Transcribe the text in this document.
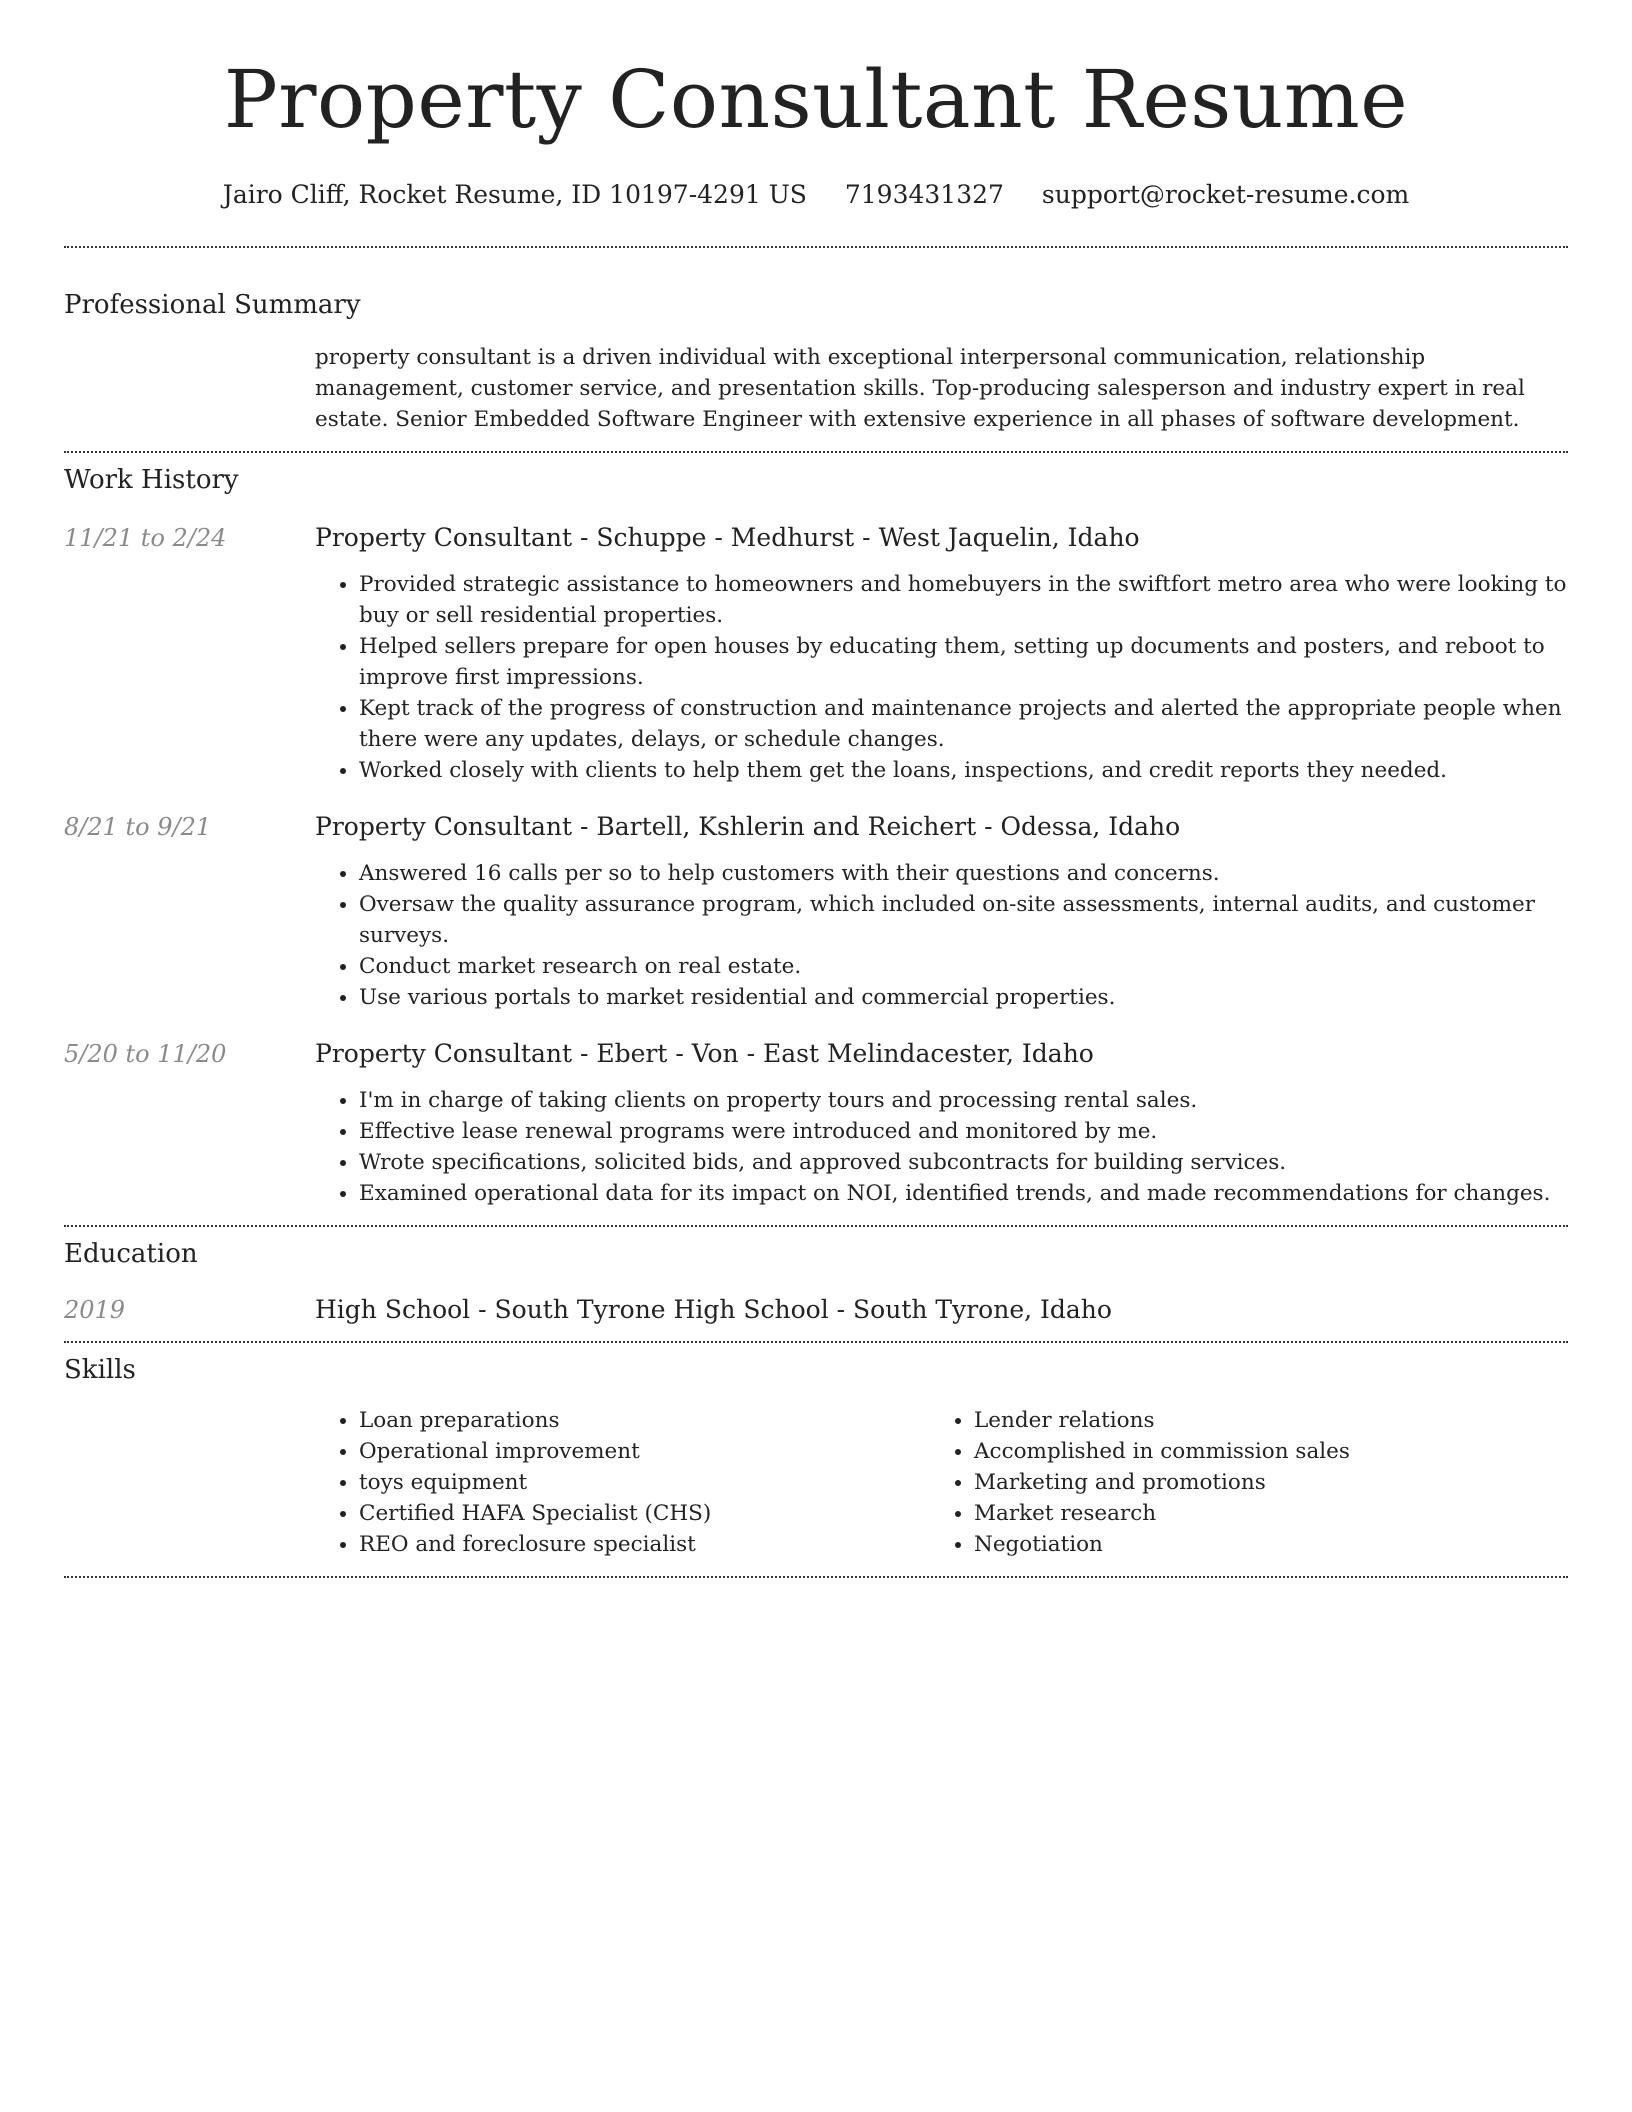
Property Consultant Resume
Jairo Cliff, Rocket Resume, ID 10197-4291 US 7193431327 support@rocket-resume.com
Professional Summary
property consultant is a driven individual with exceptional interpersonal communication, relationship management, customer service, and presentation skills. Top-producing salesperson and industry expert in real estate. Senior Embedded Software Engineer with extensive experience in all phases of software development.
Work History
11/21 to 2/24	Property Consultant - Schuppe - Medhurst - West Jaquelin, Idaho
• Provided strategic assistance to homeowners and homebuyers in the swiftfort metro area who were looking to buy or sell residential properties.
• Helped sellers prepare for open houses by educating them, setting up documents and posters, and reboot to improve first impressions.
• Kept track of the progress of construction and maintenance projects and alerted the appropriate people when there were any updates, delays, or schedule changes.
• Worked closely with clients to help them get the loans, inspections, and credit reports they needed.
8/21 to 9/21	Property Consultant - Bartell, Kshlerin and Reichert - Odessa, Idaho
• Answered 16 calls per so to help customers with their questions and concerns.
• Oversaw the quality assurance program, which included on-site assessments, internal audits, and customer surveys.
• Conduct market research on real estate.
• Use various portals to market residential and commercial properties.
5/20 to 11/20	Property Consultant - Ebert - Von - East Melindacester, Idaho
• I'm in charge of taking clients on property tours and processing rental sales.
• Effective lease renewal programs were introduced and monitored by me.
• Wrote specifications, solicited bids, and approved subcontracts for building services.
• Examined operational data for its impact on NOI, identified trends, and made recommendations for changes.
Education
2019	High School - South Tyrone High School - South Tyrone, Idaho
Skills
• Loan preparations
• Operational improvement
• toys equipment
• Certified HAFA Specialist (CHS)
• REO and foreclosure specialist
• Lender relations
• Accomplished in commission sales
• Marketing and promotions
• Market research
• Negotiation
